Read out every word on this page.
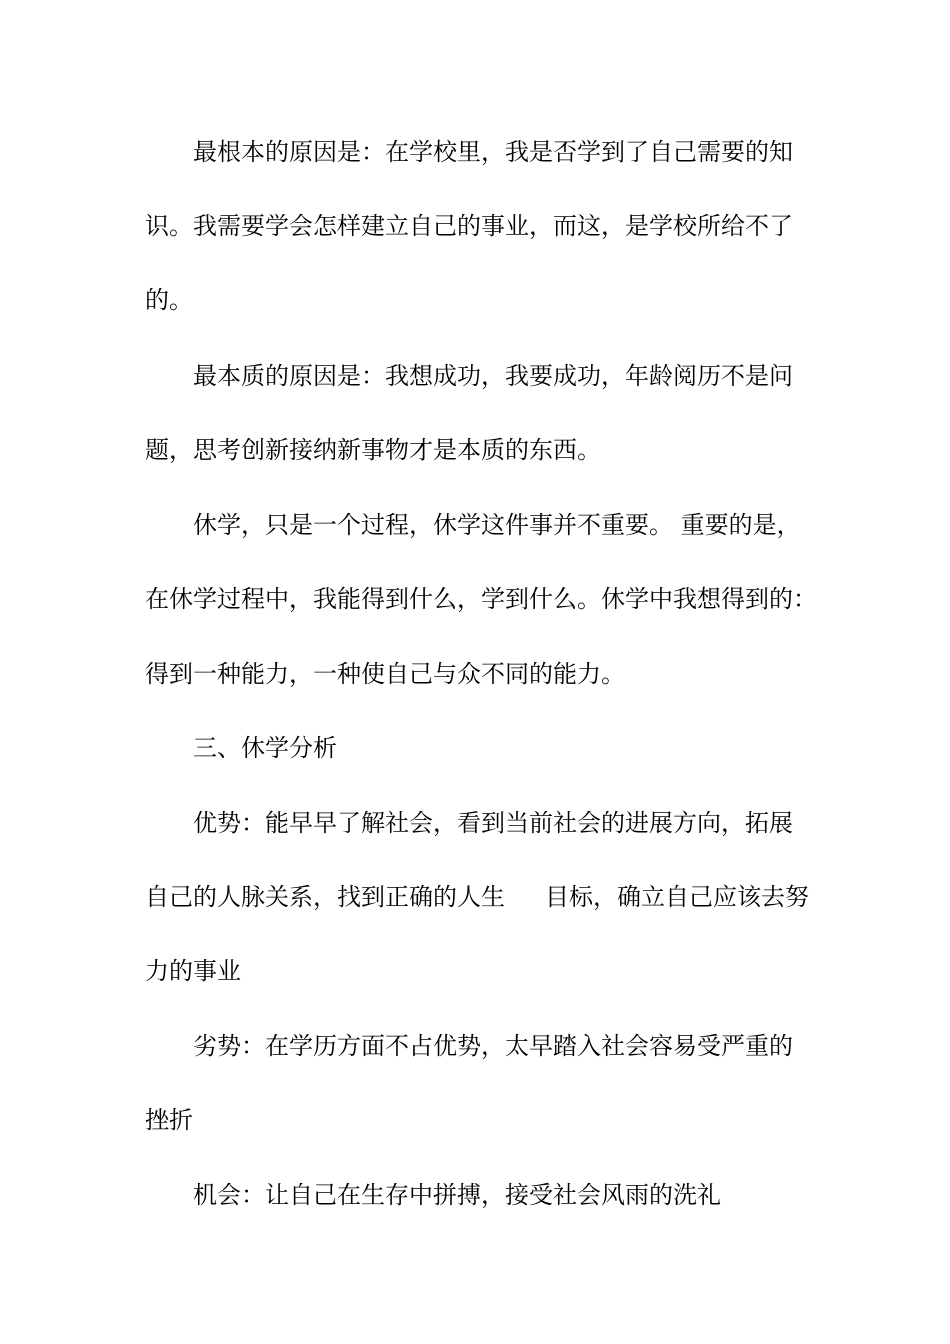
最根本的原因是：在学校里，我是否学到了自己需要的知
识。我需要学会怎样建立自己的事业，而这，是学校所给不了
的。
最本质的原因是：我想成功，我要成功，年龄阅历不是问
题，思考创新接纳新事物才是本质的东西。
休学，只是一个过程，休学这件事并不重要。 重要的是，
在休学过程中，我能得到什么，学到什么。休学中我想得到的：
得到一种能力，一种使自己与众不同的能力。
三、休学分析
优势：能早早了解社会，看到当前社会的进展方向，拓展
自己的人脉关系，找到正确的人生 目标，确立自己应该去努
力的事业
劣势：在学历方面不占优势，太早踏入社会容易受严重的
挫折
机会：让自己在生存中拼搏，接受社会风雨的洗礼
